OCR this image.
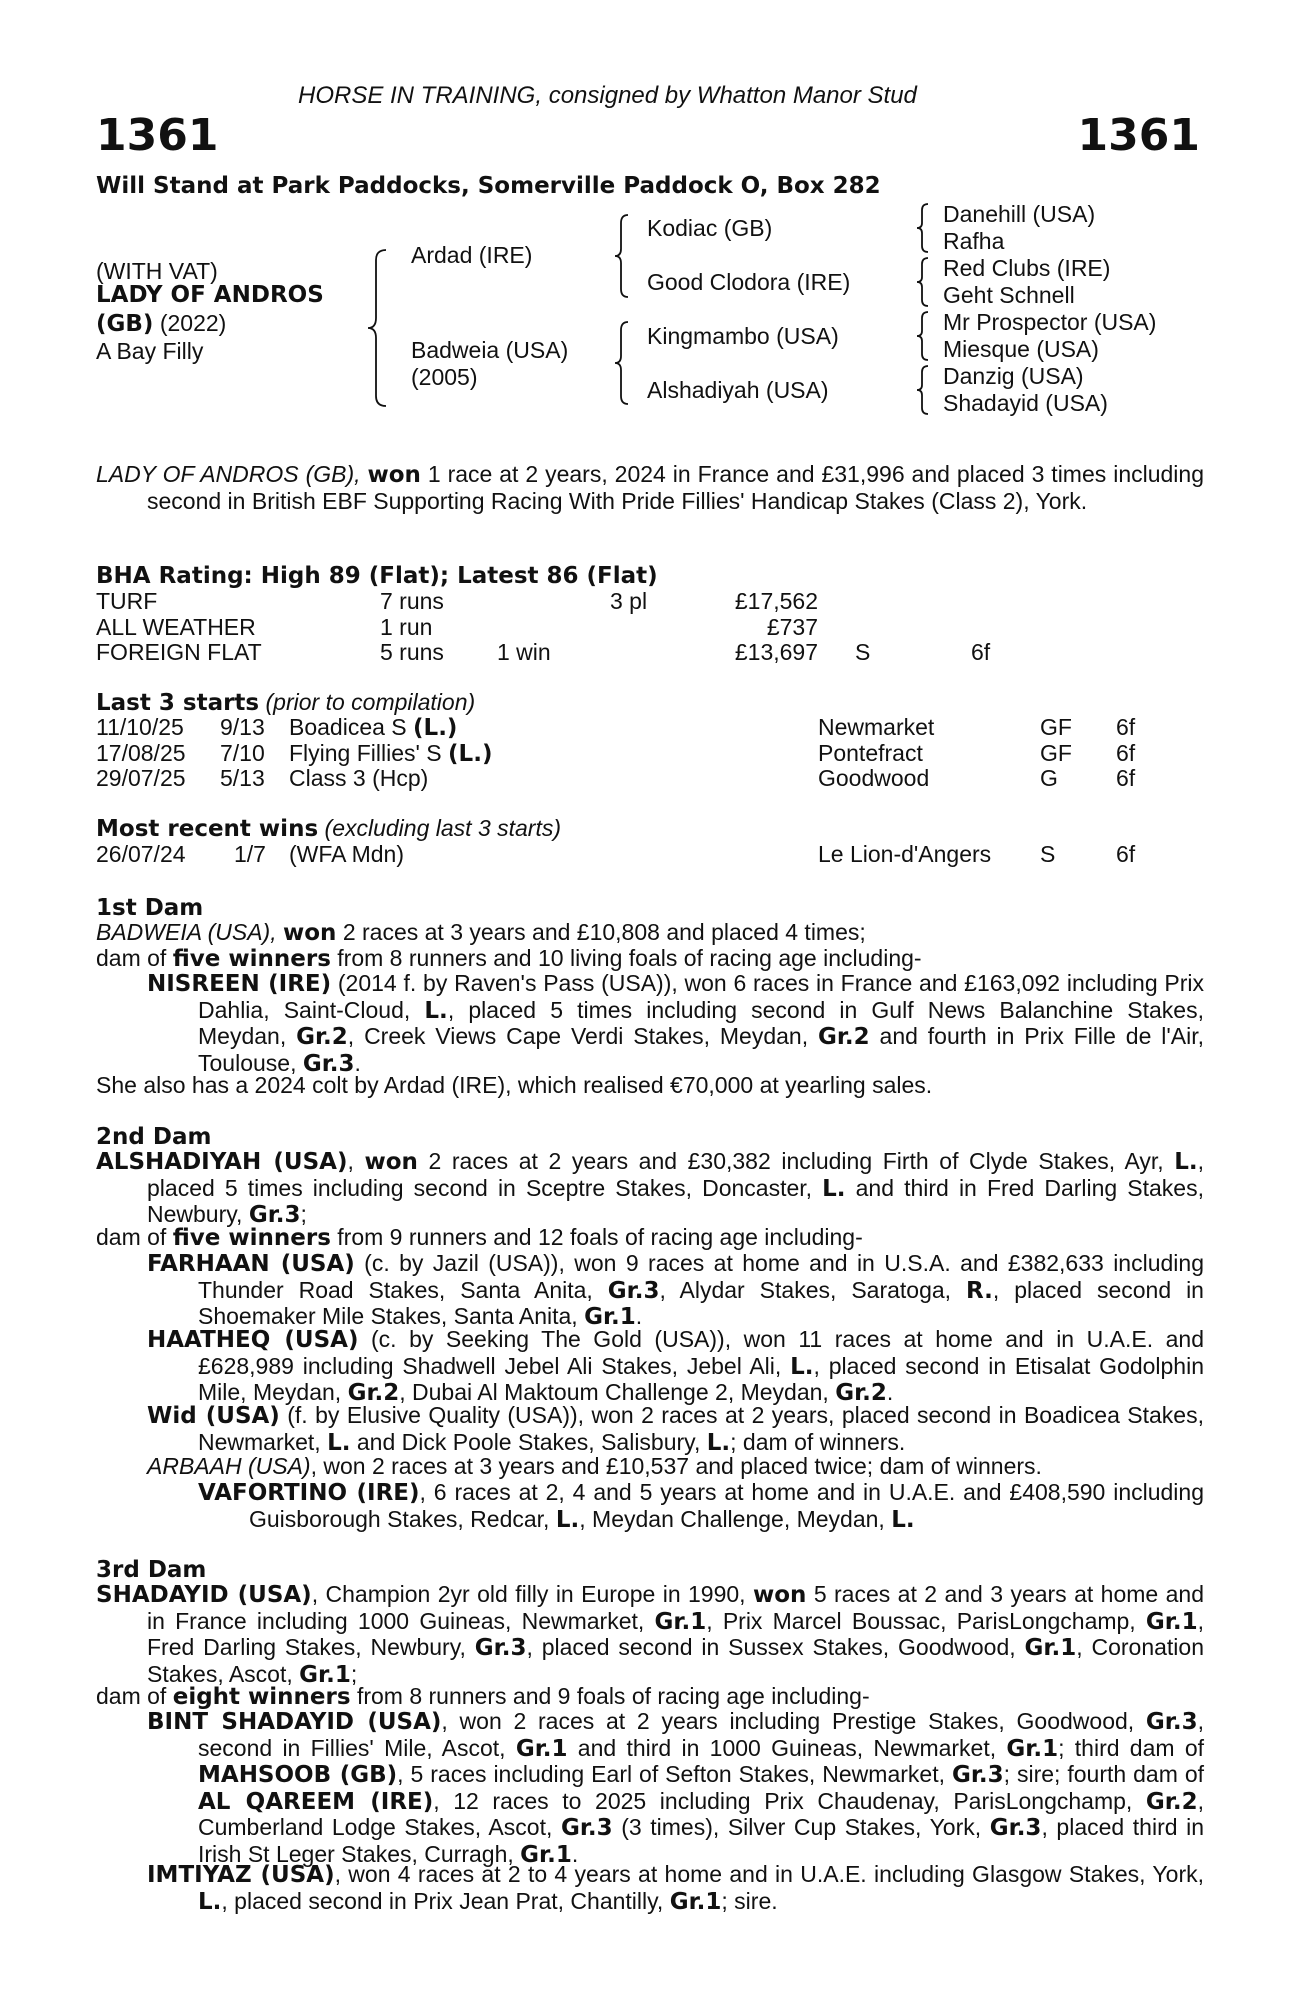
HORSE IN TRAINING, consigned by Whatton Manor Stud
1361	1361
Will Stand at Park Paddocks, Somerville Paddock O, Box 282
(WITH VAT)
LADY OF ANDROS
(GB) (2022)
A Bay Filly
Ardad (IRE)
Badweia (USA)
(2005)
Kodiac (GB)
Good Clodora (IRE)
Kingmambo (USA)
Alshadiyah (USA)
Danehill (USA)
Rafha
Red Clubs (IRE)
Geht Schnell
Mr Prospector (USA)
Miesque (USA)
Danzig (USA)
Shadayid (USA)
LADY OF ANDROS (GB), won 1 race at 2 years, 2024 in France and £31,996 and placed 3 times including second in British EBF Supporting Racing With Pride Fillies' Handicap Stakes (Class 2), York.
BHA Rating: High 89 (Flat); Latest 86 (Flat)
TURF	7 runs	3 pl	£17,562
ALL WEATHER	1 run	£737
FOREIGN FLAT	5 runs 1 win	£13,697 S	6f
Last 3 starts (prior to compilation)
11/10/25 9/13 Boadicea S (L.)	Newmarket	GF 6f
17/08/25 7/10 Flying Fillies' S (L.)	Pontefract	GF 6f
29/07/25 5/13 Class 3 (Hcp)	Goodwood	G	6f
Most recent wins (excluding last 3 starts)
26/07/24 1/7 (WFA Mdn)	Le Lion-d'Angers S	6f
1st Dam
BADWEIA (USA), won 2 races at 3 years and £10,808 and placed 4 times;
dam of five winners from 8 runners and 10 living foals of racing age including-
NISREEN (IRE) (2014 f. by Raven's Pass (USA)), won 6 races in France and £163,092 including Prix Dahlia, Saint-Cloud, L., placed 5 times including second in Gulf News Balanchine Stakes, Meydan, Gr.2, Creek Views Cape Verdi Stakes, Meydan, Gr.2 and fourth in Prix Fille de l'Air, Toulouse, Gr.3.
She also has a 2024 colt by Ardad (IRE), which realised €70,000 at yearling sales.
2nd Dam
ALSHADIYAH (USA), won 2 races at 2 years and £30,382 including Firth of Clyde Stakes, Ayr, L., placed 5 times including second in Sceptre Stakes, Doncaster, L. and third in Fred Darling Stakes, Newbury, Gr.3;
dam of five winners from 9 runners and 12 foals of racing age including-
FARHAAN (USA) (c. by Jazil (USA)), won 9 races at home and in U.S.A. and £382,633 including Thunder Road Stakes, Santa Anita, Gr.3, Alydar Stakes, Saratoga, R., placed second in Shoemaker Mile Stakes, Santa Anita, Gr.1.
HAATHEQ (USA) (c. by Seeking The Gold (USA)), won 11 races at home and in U.A.E. and £628,989 including Shadwell Jebel Ali Stakes, Jebel Ali, L., placed second in Etisalat Godolphin Mile, Meydan, Gr.2, Dubai Al Maktoum Challenge 2, Meydan, Gr.2.
Wid (USA) (f. by Elusive Quality (USA)), won 2 races at 2 years, placed second in Boadicea Stakes, Newmarket, L. and Dick Poole Stakes, Salisbury, L.; dam of winners.
ARBAAH (USA), won 2 races at 3 years and £10,537 and placed twice; dam of winners.
VAFORTINO (IRE), 6 races at 2, 4 and 5 years at home and in U.A.E. and £408,590 including Guisborough Stakes, Redcar, L., Meydan Challenge, Meydan, L.
3rd Dam
SHADAYID (USA), Champion 2yr old filly in Europe in 1990, won 5 races at 2 and 3 years at home and in France including 1000 Guineas, Newmarket, Gr.1, Prix Marcel Boussac, ParisLongchamp, Gr.1, Fred Darling Stakes, Newbury, Gr.3, placed second in Sussex Stakes, Goodwood, Gr.1, Coronation Stakes, Ascot, Gr.1;
dam of eight winners from 8 runners and 9 foals of racing age including-
BINT SHADAYID (USA), won 2 races at 2 years including Prestige Stakes, Goodwood, Gr.3, second in Fillies' Mile, Ascot, Gr.1 and third in 1000 Guineas, Newmarket, Gr.1; third dam of MAHSOOB (GB), 5 races including Earl of Sefton Stakes, Newmarket, Gr.3; sire; fourth dam of AL QAREEM (IRE), 12 races to 2025 including Prix Chaudenay, ParisLongchamp, Gr.2, Cumberland Lodge Stakes, Ascot, Gr.3 (3 times), Silver Cup Stakes, York, Gr.3, placed third in Irish St Leger Stakes, Curragh, Gr.1.
IMTIYAZ (USA), won 4 races at 2 to 4 years at home and in U.A.E. including Glasgow Stakes, York, L., placed second in Prix Jean Prat, Chantilly, Gr.1; sire.
